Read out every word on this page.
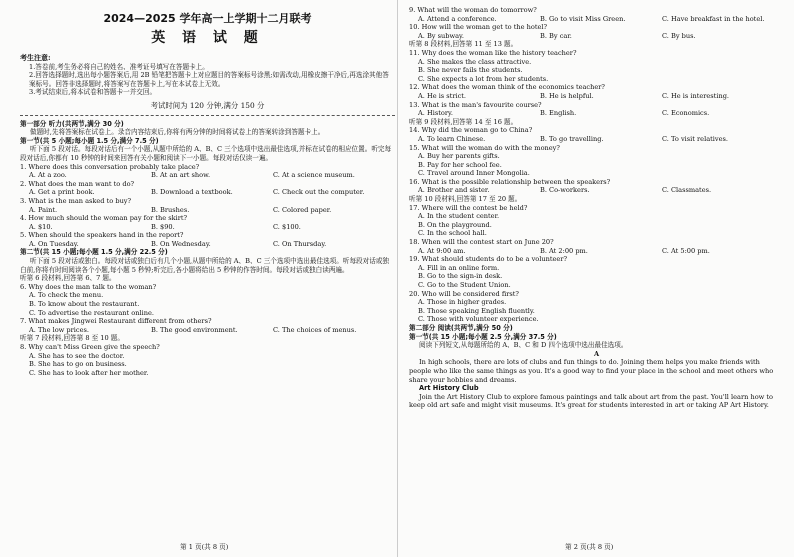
2024—2025 学年高一上学期十二月联考
英 语 试 题
考生注意:

1.答卷前,考生务必将自己的姓名、准考证号填写在答题卡上。

2.回答选择题时,选出每小题答案后,用 2B 铅笔把答题卡上对应题目的答案标号涂黑;如需改动,用橡皮擦干净后,再选涂其他答案标号。回答非选择题时,将答案写在答题卡上,写在本试卷上无效。

3.考试结束后,将本试卷和答题卡一并交回。

考试时间为 120 分钟,满分 150 分

第一部分 听力(共两节,满分 30 分)

做题时,先将答案标在试卷上。录音内容结束后,你将有两分钟的时间将试卷上的答案转涂到答题卡上。

第一节(共 5 小题;每小题 1.5 分,满分 7.5 分)

听下面 5 段对话。每段对话后有一个小题,从题中所给的 A、B、C 三个选项中选出最佳选项,并标在试卷的相应位置。听完每段对话后,你都有 10 秒钟的时间来回答有关小题和阅读下一小题。每段对话仅读一遍。

1. Where does this conversation probably take place?

A. At a zoo.	B. At an art show.	C. At a science museum.

2. What does the man want to do?

A. Get a print book.	B. Download a textbook.	C. Check out the computer.

3. What is the man asked to buy?

A. Paint.	B. Brushes.	C. Colored paper.

4. How much should the woman pay for the skirt?

A. $10.	B. $90.	C. $100.

5. When should the speakers hand in the report?

A. On Tuesday.	B. On Wednesday.	C. On Thursday.

第二节(共 15 小题;每小题 1.5 分,满分 22.5 分)

听下面 5 段对话或独白。每段对话或独白后有几个小题,从题中所给的 A、B、C 三个选项中选出最佳选项。听每段对话或独白前,你将有时间阅读各个小题,每小题 5 秒钟;听完后,各小题将给出 5 秒钟的作答时间。每段对话或独白读两遍。

听第 6 段材料,回答第 6、7 题。

6. Why does the man talk to the woman?

A. To check the menu.

B. To know about the restaurant.

C. To advertise the restaurant online.

7. What makes Jingwei Restaurant different from others?

A. The low prices.	B. The good environment.	C. The choices of menus.

听第 7 段材料,回答第 8 至 10 题。

8. Why can't Miss Green give the speech?

A. She has to see the doctor.

B. She has to go on business.

C. She has to look after her mother.

第 1 页(共 8 页)

9. What will the woman do tomorrow?

A. Attend a conference.	B. Go to visit Miss Green.	C. Have breakfast in the hotel.

10. How will the woman get to the hotel?

A. By subway.	B. By car.	C. By bus.

听第 8 段材料,回答第 11 至 13 题。

11. Why does the woman like the history teacher?

A. She makes the class attractive.

B. She never fails the students.

C. She expects a lot from her students.

12. What does the woman think of the economics teacher?

A. He is strict.	B. He is helpful.	C. He is interesting.

13. What is the man's favourite course?

A. History.	B. English.	C. Economics.

听第 9 段材料,回答第 14 至 16 题。

14. Why did the woman go to China?

A. To learn Chinese.	B. To go travelling.	C. To visit relatives.

15. What will the woman do with the money?

A. Buy her parents gifts.

B. Pay for her school fee.

C. Travel around Inner Mongolia.

16. What is the possible relationship between the speakers?

A. Brother and sister.	B. Co-workers.	C. Classmates.

听第 10 段材料,回答第 17 至 20 题。

17. Where will the contest be held?

A. In the student center.

B. On the playground.

C. In the school hall.

18. When will the contest start on June 20?

A. At 9:00 am.	B. At 2:00 pm.	C. At 5:00 pm.

19. What should students do to be a volunteer?

A. Fill in an online form.

B. Go to the sign-in desk.

C. Go to the Student Union.

20. Who will be considered first?

A. Those in higher grades.

B. Those speaking English fluently.

C. Those with volunteer experience.

第二部分 阅读(共两节,满分 50 分)

第一节(共 15 小题;每小题 2.5 分,满分 37.5 分)

阅读下列短文,从每题所给的 A、B、C 和 D 四个选项中选出最佳选项。

A

In high schools, there are lots of clubs and fun things to do. Joining them helps you make friends with people who like the same things as you. It's a good way to find your place in the school and meet others who share your hobbies and dreams.

Art History Club

Join the Art History Club to explore famous paintings and talk about art from the past. You'll learn how to keep old art safe and might visit museums. It's great for students interested in art or taking AP Art History.

第 2 页(共 8 页)
